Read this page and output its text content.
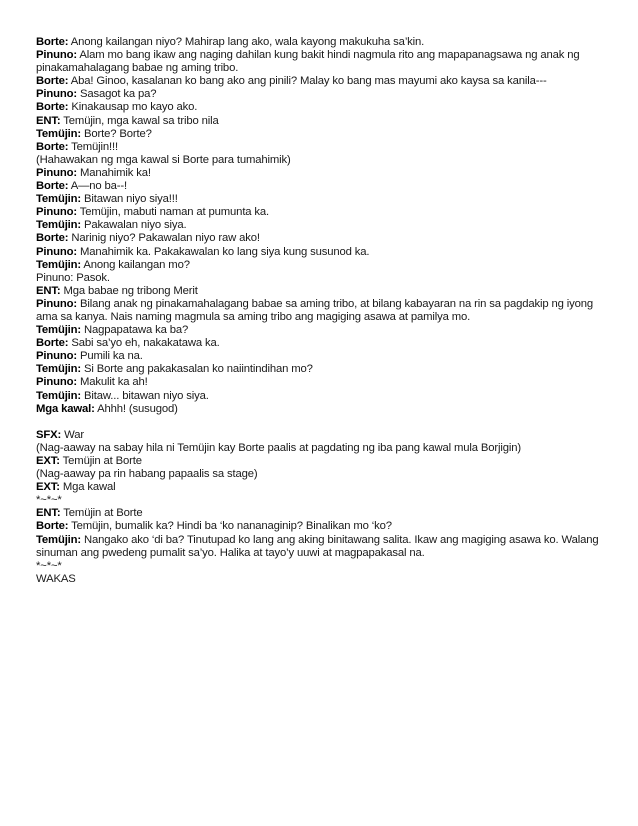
Borte: Anong kailangan niyo? Mahirap lang ako, wala kayong makukuha sa’kin.

Pinuno: Alam mo bang ikaw ang naging dahilan kung bakit hindi nagmula rito ang mapapanagsawa ng anak ng pinakamahalagang babae ng aming tribo.

Borte: Aba! Ginoo, kasalanan ko bang ako ang pinili? Malay ko bang mas mayumi ako kaysa sa kanila---

Pinuno: Sasagot ka pa?

Borte: Kinakausap mo kayo ako.

ENT: Temüjin, mga kawal sa tribo nila

Temüjin: Borte? Borte?

Borte: Temüjin!!!

(Hahawakan ng mga kawal si Borte para tumahimik)

Pinuno: Manahimik ka!

Borte: A—no ba--!

Temüjin: Bitawan niyo siya!!!

Pinuno: Temüjin, mabuti naman at pumunta ka.

Temüjin: Pakawalan niyo siya.

Borte: Narinig niyo? Pakawalan niyo raw ako!

Pinuno: Manahimik ka. Pakakawalan ko lang siya kung susunod ka.

Temüjin: Anong kailangan mo?

Pinuno: Pasok.

ENT: Mga babae ng tribong Merit

Pinuno: Bilang anak ng pinakamahalagang babae sa aming tribo, at bilang kabayaran na rin sa pagdakip ng iyong ama sa kanya. Nais naming magmula sa aming tribo ang magiging asawa at pamilya mo.

Temüjin: Nagpapatawa ka ba?

Borte: Sabi sa’yo eh, nakakatawa ka.

Pinuno: Pumili ka na.

Temüjin: Si Borte ang pakakasalan ko naiintindihan mo?

Pinuno: Makulit ka ah!

Temüjin: Bitaw... bitawan niyo siya.

Mga kawal: Ahhh! (susugod)

SFX: War

(Nag-aaway na sabay hila ni Temüjin kay Borte paalis at pagdating ng iba pang kawal mula Borjigin)

EXT: Temüjin at Borte

(Nag-aaway pa rin habang papaalis sa stage)

EXT: Mga kawal

*~*~*

ENT: Temüjin at Borte

Borte: Temüjin, bumalik ka? Hindi ba ‘ko nananaginip? Binalikan mo ‘ko?

Temüjin: Nangako ako ‘di ba? Tinutupad ko lang ang aking binitawang salita. Ikaw ang magiging asawa ko. Walang sinuman ang pwedeng pumalit sa’yo. Halika at tayo’y uuwi at magpapakasal na.

*~*~*

WAKAS
